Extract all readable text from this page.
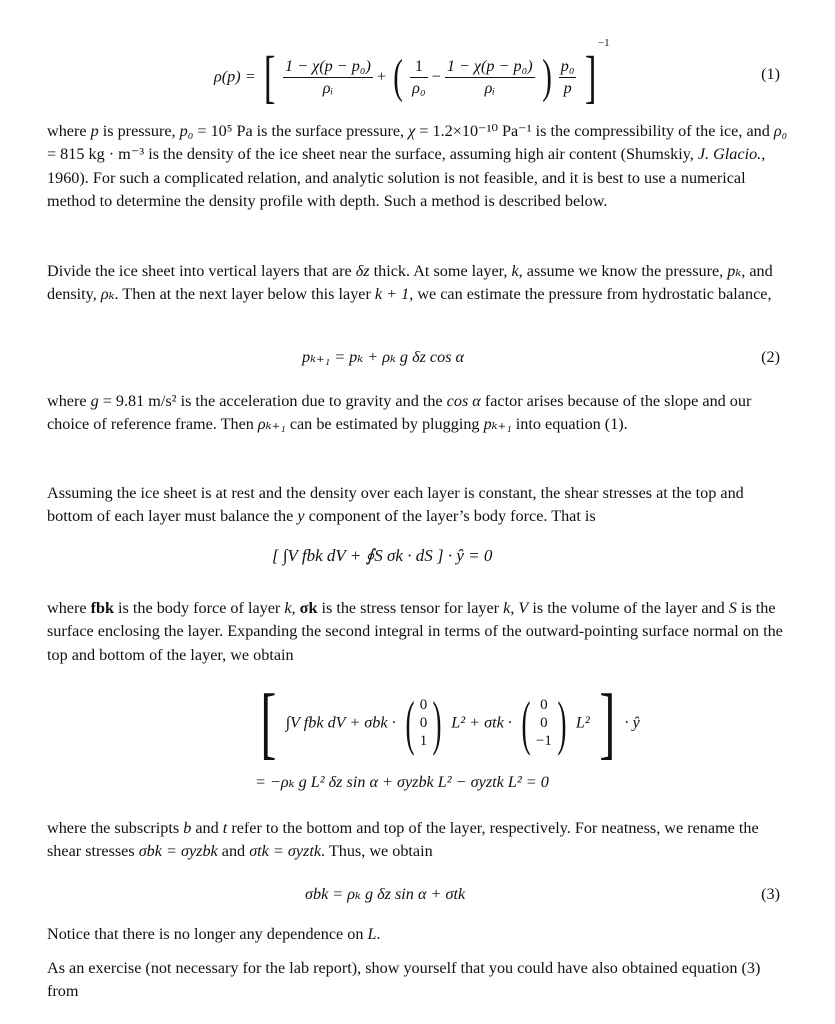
ρ(p) = [ $\frac{\text{1 − χ(p − p₀)}}{\text{ρᵢ}}$ + ( $\frac{1}{\text{ρ₀}} - \frac{\text{1 − χ(p − p₀)}}{\text{ρᵢ}}$ ) $\frac{\text{p₀}}{p}$ ] $^{-1}$
(1)

where p is pressure, p₀ = 10⁵ Pa is the surface pressure, χ = 1.2×10⁻¹⁰ Pa⁻¹ is the compressibility of the ice, and ρ₀ = 815 kg · m⁻³ is the density of the ice sheet near the surface, assuming high air content (Shumskiy, J. Glacio., 1960). For such a complicated relation, and analytic solution is not feasible, and it is best to use a numerical method to determine the density profile with depth. Such a method is described below.

Divide the ice sheet into vertical layers that are δz thick. At some layer, k, assume we know the pressure, pₖ, and density, ρₖ. Then at the next layer below this layer k + 1, we can estimate the pressure from hydrostatic balance,

pₖ₊₁ = pₖ + ρₖ g δz cos α	(2)

where g = 9.81 m/s² is the acceleration due to gravity and the cos α factor arises because of the slope and our choice of reference frame. Then ρₖ₊₁ can be estimated by plugging pₖ₊₁ into equation (1).

Assuming the ice sheet is at rest and the density over each layer is constant, the shear stresses at the top and bottom of each layer must balance the y component of the layer’s body force. That is

[ ∫V fbk dV + ∮S σk · dS ] · ŷ = 0

where fbk is the body force of layer k, σk is the stress tensor for layer k, V is the volume of the layer and S is the surface enclosing the layer. Expanding the second integral in terms of the outward-pointing surface normal on the top and bottom of the layer, we obtain

[ ∫V fbk dV + σbk · ( 0
0
1 ) L² + σtk · ( 0
0
−1 ) L² ] · ŷ
= −ρₖ g L² δz sin α + σyzbk L² − σyztk L² = 0

where the subscripts b and t refer to the bottom and top of the layer, respectively. For neatness, we rename the shear stresses σbk = σyzbk and σtk = σyztk. Thus, we obtain

σbk = ρₖ g δz sin α + σtk	(3)

Notice that there is no longer any dependence on L.

As an exercise (not necessary for the lab report), show yourself that you could have also obtained equation (3) from
